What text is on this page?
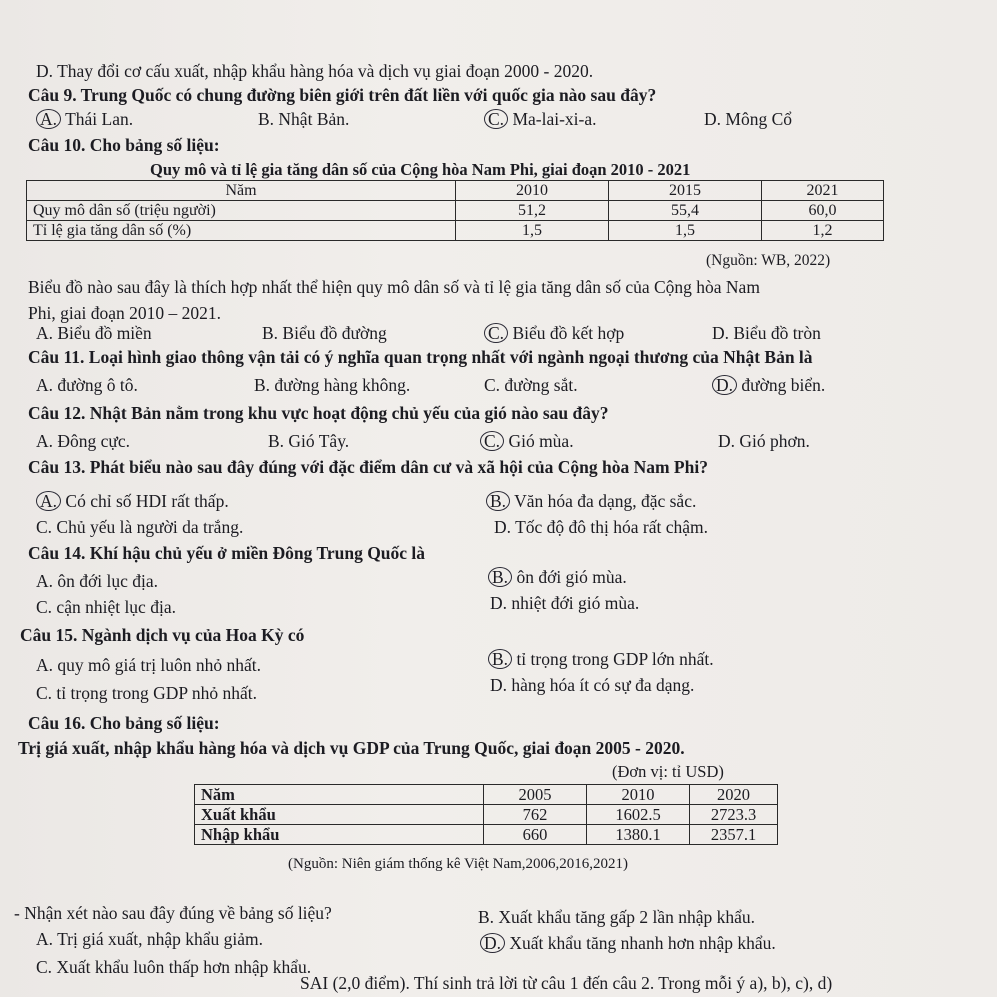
D. Thay đổi cơ cấu xuất, nhập khẩu hàng hóa và dịch vụ giai đoạn 2000 - 2020.
Câu 9. Trung Quốc có chung đường biên giới trên đất liền với quốc gia nào sau đây?
A. Thái Lan.	B. Nhật Bản.	C. Ma-lai-xi-a.	D. Mông Cổ
Câu 10. Cho bảng số liệu:
Quy mô và tỉ lệ gia tăng dân số của Cộng hòa Nam Phi, giai đoạn 2010 - 2021
Năm	2010	2015	2021
Quy mô dân số (triệu người)	51,2	55,4	60,0
Tỉ lệ gia tăng dân số (%)	1,5	1,5	1,2
(Nguồn: WB, 2022)
Biểu đồ nào sau đây là thích hợp nhất thể hiện quy mô dân số và tỉ lệ gia tăng dân số của Cộng hòa Nam
Phi, giai đoạn 2010 – 2021.
A. Biểu đồ miền	B. Biểu đồ đường	C. Biểu đồ kết hợp	D. Biểu đồ tròn
Câu 11. Loại hình giao thông vận tải có ý nghĩa quan trọng nhất với ngành ngoại thương của Nhật Bản là
A. đường ô tô.	B. đường hàng không.	C. đường sắt.	D. đường biển.
Câu 12. Nhật Bản nằm trong khu vực hoạt động chủ yếu của gió nào sau đây?
A. Đông cực.	B. Gió Tây.	C. Gió mùa.	D. Gió phơn.
Câu 13. Phát biểu nào sau đây đúng với đặc điểm dân cư và xã hội của Cộng hòa Nam Phi?
A. Có chỉ số HDI rất thấp.	B. Văn hóa đa dạng, đặc sắc.
C. Chủ yếu là người da trắng.	D. Tốc độ đô thị hóa rất chậm.
Câu 14. Khí hậu chủ yếu ở miền Đông Trung Quốc là
A. ôn đới lục địa.	B. ôn đới gió mùa.
C. cận nhiệt lục địa.	D. nhiệt đới gió mùa.
Câu 15. Ngành dịch vụ của Hoa Kỳ có
A. quy mô giá trị luôn nhỏ nhất.	B. tỉ trọng trong GDP lớn nhất.
C. tỉ trọng trong GDP nhỏ nhất.	D. hàng hóa ít có sự đa dạng.
Câu 16. Cho bảng số liệu:
Trị giá xuất, nhập khẩu hàng hóa và dịch vụ GDP của Trung Quốc, giai đoạn 2005 - 2020.
(Đơn vị: tỉ USD)
Năm	2005	2010	2020
Xuất khẩu	762	1602.5	2723.3
Nhập khẩu	660	1380.1	2357.1
(Nguồn: Niên giám thống kê Việt Nam,2006,2016,2021)
- Nhận xét nào sau đây đúng về bảng số liệu?
A. Trị giá xuất, nhập khẩu giảm.
B. Xuất khẩu tăng gấp 2 lần nhập khẩu.
C. Xuất khẩu luôn thấp hơn nhập khẩu.
D. Xuất khẩu tăng nhanh hơn nhập khẩu.
SAI (2,0 điểm). Thí sinh trả lời từ câu 1 đến câu 2. Trong mỗi ý a), b), c), d)
